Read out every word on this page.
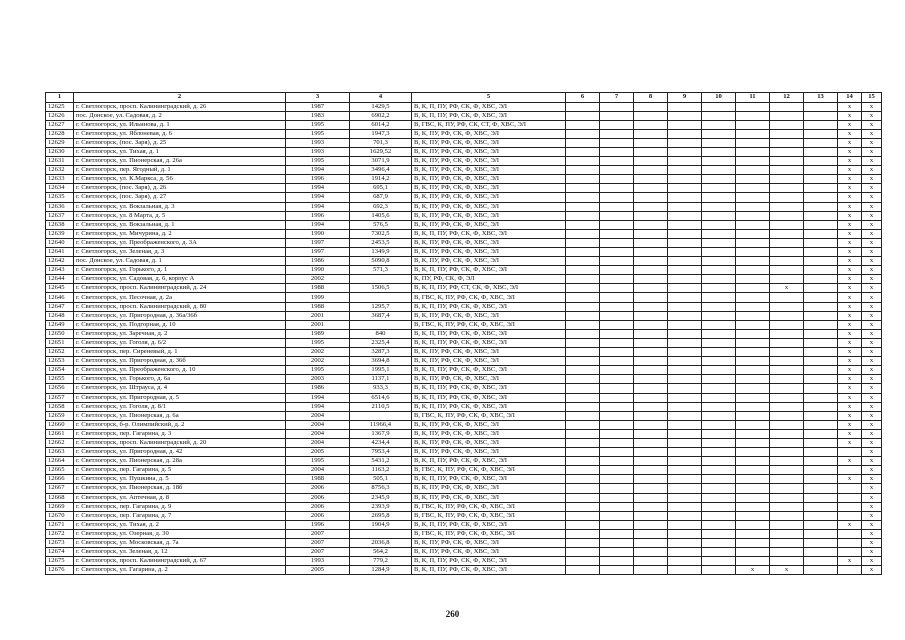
1	2	3	4	5	6	7	8	9	10	11	12	13	14	15
12625	г. Светлогорск, просп. Калининградский, д. 26	1987	1429,5	В, К, П, ПУ, РФ, СК, Ф, ХВС, ЭЛ									x	x
12626	пос. Донское, ул. Садовая, д. 2	1983	6902,2	В, К, П, ПУ, РФ, СК, Ф, ХВС, ЭЛ									x	x
12627	г. Светлогорск, ул. Ильинова, д. 1	1995	6014,2	В, ГВС, К, ПУ, РФ, СК, СТ, Ф, ХВС, ЭЛ									x	x
12628	г. Светлогорск, ул. Яблоневая, д. 6	1995	1947,3	В, К, ПУ, РФ, СК, Ф, ХВС, ЭЛ									x	x
12629	г. Светлогорск, (пос. Заря), д. 25	1993	701,3	В, К, ПУ, РФ, СК, Ф, ХВС, ЭЛ									x	x
12630	г. Светлогорск, ул. Тихая, д. 1	1993	1629,52	В, К, ПУ, РФ, СК, Ф, ХВС, ЭЛ									x	x
12631	г. Светлогорск, ул. Пионерская, д. 26а	1995	3071,9	В, К, ПУ, РФ, СК, Ф, ХВС, ЭЛ									x	x
12632	г. Светлогорск, пер. Ягодный, д. 1	1994	3496,4	В, К, ПУ, РФ, СК, Ф, ХВС, ЭЛ									x	x
12633	г. Светлогорск, ул. К.Маркса, д. 56	1996	1914,2	В, К, ПУ, РФ, СК, Ф, ХВС, ЭЛ									x	x
12634	г. Светлогорск, (пос. Заря), д. 26	1994	695,1	В, К, ПУ, РФ, СК, Ф, ХВС, ЭЛ									x	x
12635	г. Светлогорск, (пос. Заря), д. 27	1994	687,9	В, К, ПУ, РФ, СК, Ф, ХВС, ЭЛ									x	x
12636	г. Светлогорск, ул. Вокзальная, д. 3	1994	692,3	В, К, ПУ, РФ, СК, Ф, ХВС, ЭЛ									x	x
12637	г. Светлогорск, ул. 8 Марта, д. 5	1996	1405,6	В, К, ПУ, РФ, СК, Ф, ХВС, ЭЛ									x	x
12638	г. Светлогорск, ул. Вокзальная, д. 1	1994	576,5	В, К, ПУ, РФ, СК, Ф, ХВС, ЭЛ									x	x
12639	г. Светлогорск, ул. Мичурина, д. 2	1990	7302,5	В, К, П, ПУ, РФ, СК, Ф, ХВС, ЭЛ									x	x
12640	г. Светлогорск, ул. Преображенского, д. 3А	1997	2453,5	В, К, ПУ, РФ, СК, Ф, ХВС, ЭЛ									x	x
12641	г. Светлогорск, ул. Зеленая, д. 3	1997	1349,9	В, К, ПУ, РФ, СК, Ф, ХВС, ЭЛ									x	x
12642	пос. Донское, ул. Садовая, д. 1	1986	5090,8	В, К, ПУ, РФ, СК, Ф, ХВС, ЭЛ									x	x
12643	г. Светлогорск, ул. Горького, д. 1	1990	571,3	В, К, П, ПУ, РФ, СК, Ф, ХВС, ЭЛ									x	x
12644	г. Светлогорск, ул. Садовая, д. 6, корпус А	2002		К, ПУ, РФ, СК, Ф, ЭЛ									x	x
12645	г. Светлогорск, просп. Калининградский, д. 24	1988	1506,5	В, К, П, ПУ, РФ, СТ, СК, Ф, ХВС, ЭЛ							x		x	x
12646	г. Светлогорск, ул. Песочная, д. 2а	1999		В, ГВС, К, ПУ, РФ, СК, Ф, ХВС, ЭЛ									x	x
12647	г. Светлогорск, просп. Калининградский, д. 80	1988	1295,7	В, К, П, ПУ, РФ, СК, Ф, ХВС, ЭЛ									x	x
12648	г. Светлогорск, ул. Пригородная, д. 36а/36б	2001	3687,4	В, К, ПУ, РФ, СК, Ф, ХВС, ЭЛ									x	x
12649	г. Светлогорск, ул. Подгорная, д. 10	2001		В, ГВС, К, ПУ, РФ, СК, Ф, ХВС, ЭЛ									x	x
12650	г. Светлогорск, ул. Заречная, д. 2	1989	840	В, К, П, ПУ, РФ, СК, Ф, ХВС, ЭЛ									x	x
12651	г. Светлогорск, ул. Гоголя, д. 6/2	1995	2325,4	В, К, П, ПУ, РФ, СК, Ф, ХВС, ЭЛ									x	x
12652	г. Светлогорск, пер. Сиреневый, д. 1	2002	3287,3	В, К, ПУ, РФ, СК, Ф, ХВС, ЭЛ									x	x
12653	г. Светлогорск, ул. Пригородная, д. 36б	2002	3694,8	В, К, ПУ, РФ, СК, Ф, ХВС, ЭЛ									x	x
12654	г. Светлогорск, ул. Преображенского, д. 10	1995	1995,1	В, К, П, ПУ, РФ, СК, Ф, ХВС, ЭЛ									x	x
12655	г. Светлогорск, ул. Горького, д. 6а	2003	1137,1	В, К, ПУ, РФ, СК, Ф, ХВС, ЭЛ									x	x
12656	г. Светлогорск, ул. Штрауса, д. 4	1986	933,3	В, К, П, ПУ, РФ, СК, Ф, ХВС, ЭЛ									x	x
12657	г. Светлогорск, ул. Пригородная, д. 5	1994	6514,6	В, К, П, ПУ, РФ, СК, Ф, ХВС, ЭЛ									x	x
12658	г. Светлогорск, ул. Гоголя, д. 8/1	1994	2110,5	В, К, П, ПУ, РФ, СК, Ф, ХВС, ЭЛ									x	x
12659	г. Светлогорск, ул. Пионерская, д. 6а	2004		В, ГВС, К, ПУ, РФ, СК, Ф, ХВС, ЭЛ									x	x
12660	г. Светлогорск, б-р. Олимпийский, д. 2	2004	11966,4	В, К, ПУ, РФ, СК, Ф, ХВС, ЭЛ									x	x
12661	г. Светлогорск, пер. Гагарина, д. 3	2004	1367,9	В, К, ПУ, РФ, СК, Ф, ХВС, ЭЛ									x	x
12662	г. Светлогорск, просп. Калининградский, д. 20	2004	4234,4	В, К, ПУ, РФ, СК, Ф, ХВС, ЭЛ									x	x
12663	г. Светлогорск, ул. Пригородная, д. 42	2005	7953,4	В, К, ПУ, РФ, СК, Ф, ХВС, ЭЛ										x
12664	г. Светлогорск, ул. Пионерская, д. 28а	1995	5431,2	В, К, П, ПУ, РФ, СК, Ф, ХВС, ЭЛ									x	x
12665	г. Светлогорск, пер. Гагарина, д. 5	2004	1163,2	В, ГВС, К, ПУ, РФ, СК, Ф, ХВС, ЭЛ										x
12666	г. Светлогорск, ул. Пушкина, д. 5	1988	505,1	В, К, П, ПУ, РФ, СК, Ф, ХВС, ЭЛ									x	x
12667	г. Светлогорск, ул. Пионерская, д. 18б	2006	8756,3	В, К, ПУ, РФ, СК, Ф, ХВС, ЭЛ										x
12668	г. Светлогорск, ул. Аптечная, д. 8	2006	2345,9	В, К, ПУ, РФ, СК, Ф, ХВС, ЭЛ										x
12669	г. Светлогорск, пер. Гагарина, д. 9	2006	2393,9	В, ГВС, К, ПУ, РФ, СК, Ф, ХВС, ЭЛ										x
12670	г. Светлогорск, пер. Гагарина, д. 7	2006	2695,8	В, ГВС, К, ПУ, РФ, СК, Ф, ХВС, ЭЛ										x
12671	г. Светлогорск, ул. Тихая, д. 2	1996	1904,9	В, К, П, ПУ, РФ, СК, Ф, ХВС, ЭЛ									x	x
12672	г. Светлогорск, ул. Озерная, д. 30	2007		В, ГВС, К, ПУ, РФ, СК, Ф, ХВС, ЭЛ										x
12673	г. Светлогорск, ул. Московская, д. 7а	2007	2036,8	В, К, ПУ, РФ, СК, Ф, ХВС, ЭЛ										x
12674	г. Светлогорск, ул. Зеленая, д. 12	2007	564,2	В, К, ПУ, РФ, СК, Ф, ХВС, ЭЛ										x
12675	г. Светлогорск, просп. Калининградский, д. 67	1993	779,2	В, К, П, ПУ, РФ, СК, Ф, ХВС, ЭЛ									x	x
12676	г. Светлогорск, ул. Гагарина, д. 2	2005	1284,9	В, К, П, ПУ, РФ, СК, Ф, ХВС, ЭЛ						x	x			x
260
